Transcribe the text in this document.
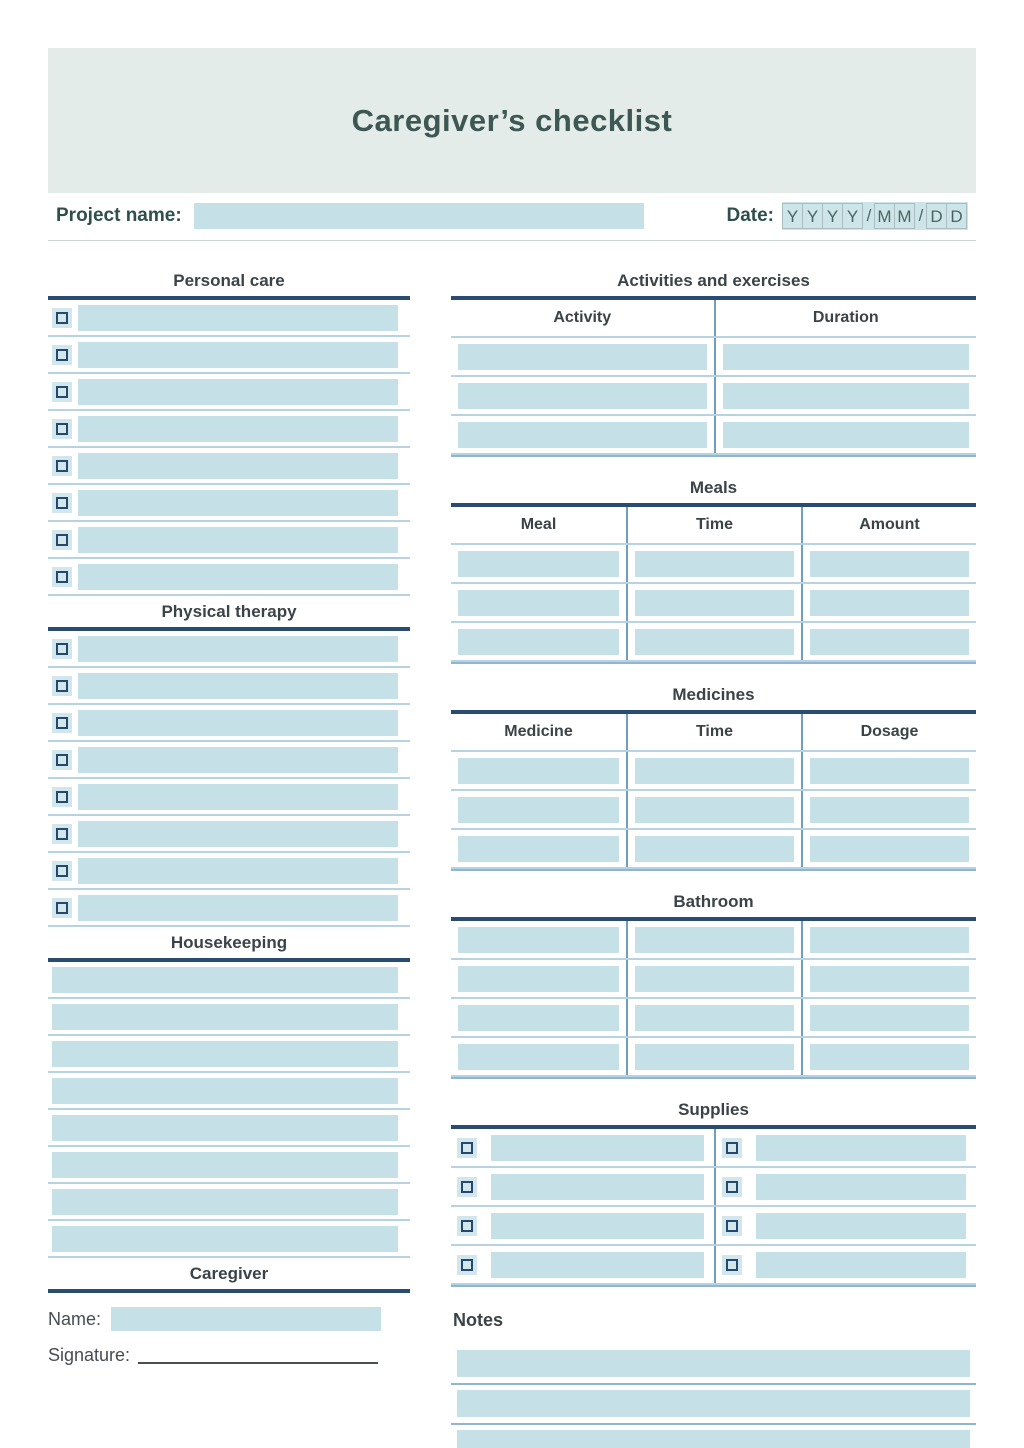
Caregiver’s checklist
Project name:	Date: Y Y Y Y / M M / D D
Personal care
Physical therapy
Housekeeping
Caregiver
Name:
Signature:
Activities and exercises
Activity	Duration
Meals
Meal	Time	Amount
Medicines
Medicine	Time	Dosage
Bathroom
Supplies
Notes
